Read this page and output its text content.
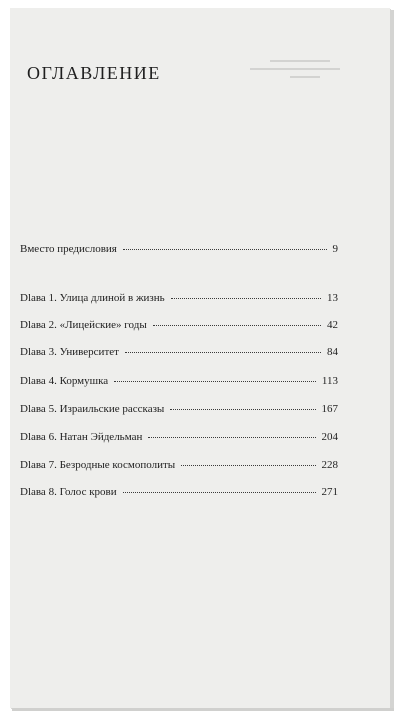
оглавление
Вместо предисловия	9
Dlава 1. Улица длиной в жизнь	13
Dlава 2. «Лицейские» годы	42
Dlава 3. Университет	84
Dlава 4. Кормушка	113
Dlава 5. Израильские рассказы	167
Dlава 6. Натан Эйдельман	204
Dlава 7. Безродные космополиты	228
Dlава 8. Голос крови	271
